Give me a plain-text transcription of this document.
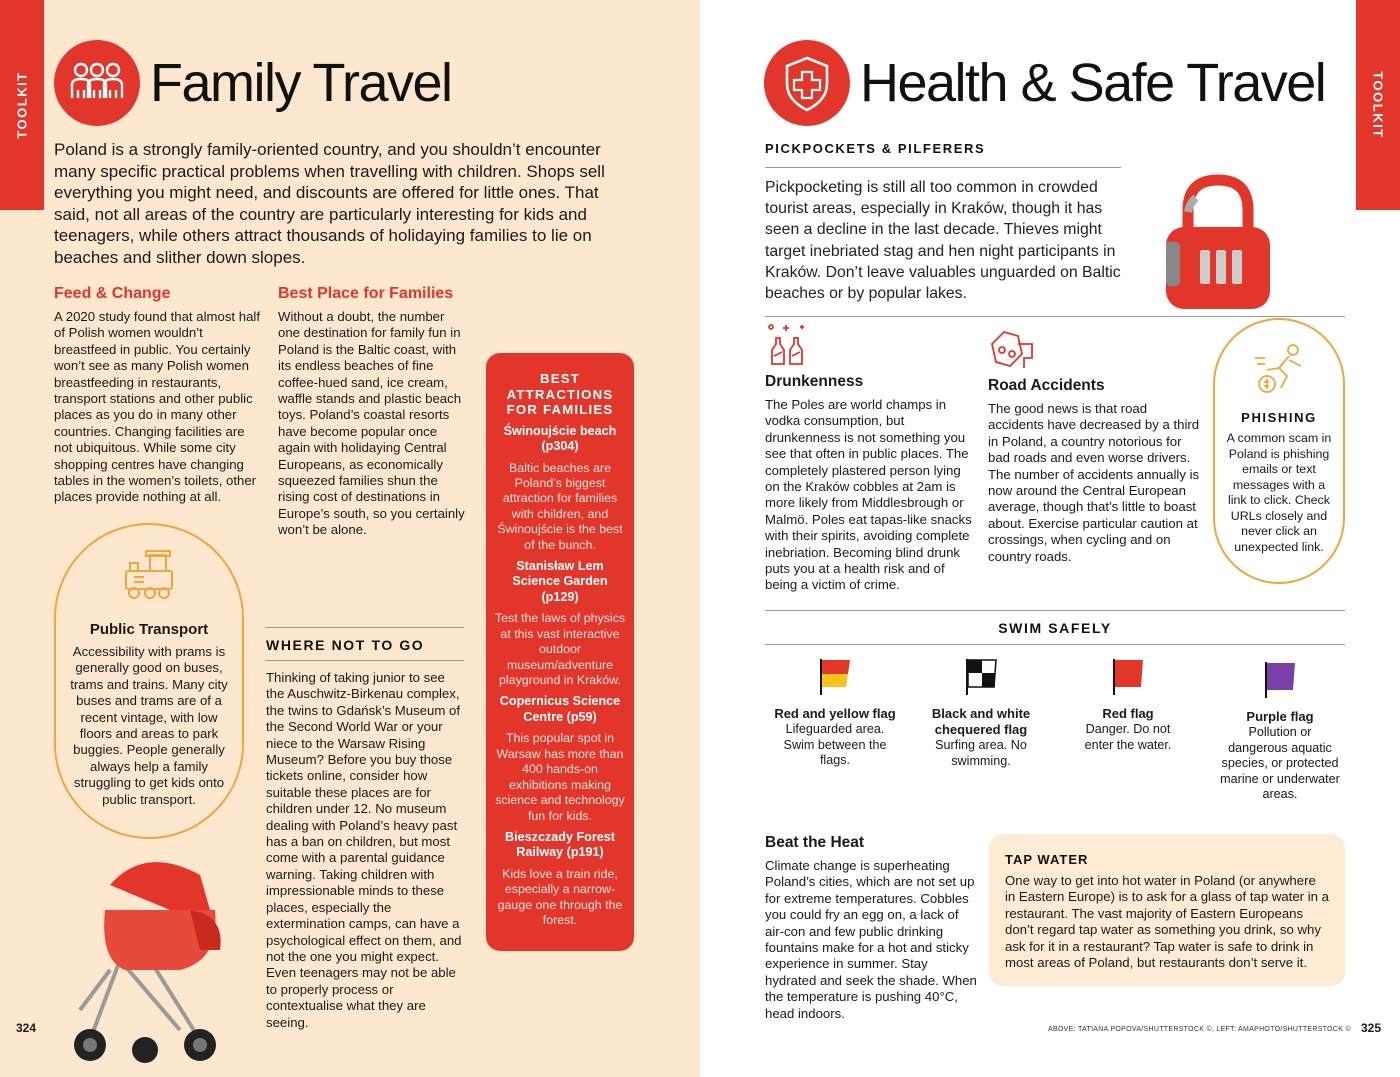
TOOLKIT Family Travel
Poland is a strongly family-oriented country, and you shouldn’t encounter many specific practical problems when travelling with children. Shops sell everything you might need, and discounts are offered for little ones. That said, not all areas of the country are particularly interesting for kids and teenagers, while others attract thousands of holidaying families to lie on beaches and slither down slopes.
Feed & Change
A 2020 study found that almost half of Polish women wouldn’t breastfeed in public. You certainly won’t see as many Polish women breastfeeding in restaurants, transport stations and other public places as you do in many other countries. Changing facilities are not ubiquitous. While some city shopping centres have changing tables in the women’s toilets, other places provide nothing at all.
Best Place for Families
Without a doubt, the number one destination for family fun in Poland is the Baltic coast, with its endless beaches of fine coffee-hued sand, ice cream, waffle stands and plastic beach toys. Poland’s coastal resorts have become popular once again with holidaying Central Europeans, as economically squeezed families shun the rising cost of destinations in Europe’s south, so you certainly won’t be alone.
BEST ATTRACTIONS FOR FAMILIES
Świnoujście beach (p304)
Baltic beaches are Poland’s biggest attraction for families with children, and Świnoujście is the best of the bunch.
Stanisław Lem Science Garden (p129)
Test the laws of physics at this vast interactive outdoor museum/adventure playground in Kraków.
Copernicus Science Centre (p59)
This popular spot in Warsaw has more than 400 hands-on exhibitions making science and technology fun for kids.
Bieszczady Forest Railway (p191)
Kids love a train ride, especially a narrow-gauge one through the forest.
Public Transport
Accessibility with prams is generally good on buses, trams and trains. Many city buses and trams are of a recent vintage, with low floors and areas to park buggies. People generally always help a family struggling to get kids onto public transport.
WHERE NOT TO GO
Thinking of taking junior to see the Auschwitz-Birkenau complex, the twins to Gdańsk’s Museum of the Second World War or your niece to the Warsaw Rising Museum? Before you buy those tickets online, consider how suitable these places are for children under 12. No museum dealing with Poland’s heavy past has a ban on children, but most come with a parental guidance warning. Taking children with impressionable minds to these places, especially the extermination camps, can have a psychological effect on them, and not the one you might expect. Even teenagers may not be able to properly process or contextualise what they are seeing.
324
TOOLKIT
Health & Safe Travel
PICKPOCKETS & PILFERERS
Pickpocketing is still all too common in crowded tourist areas, especially in Kraków, though it has seen a decline in the last decade. Thieves might target inebriated stag and hen night participants in Kraków. Don’t leave valuables unguarded on Baltic beaches or by popular lakes.
Drunkenness
The Poles are world champs in vodka consumption, but drunkenness is not something you see that often in public places. The completely plastered person lying on the Kraków cobbles at 2am is more likely from Middlesbrough or Malmö. Poles eat tapas-like snacks with their spirits, avoiding complete inebriation. Becoming blind drunk puts you at a health risk and of being a victim of crime.
Road Accidents
The good news is that road accidents have decreased by a third in Poland, a country notorious for bad roads and even worse drivers. The number of accidents annually is now around the Central European average, though that’s little to boast about. Exercise particular caution at crossings, when cycling and on country roads.
PHISHING
A common scam in Poland is phishing emails or text messages with a link to click. Check URLs closely and never click an unexpected link.
SWIM SAFELY
Red and yellow flag
Lifeguarded area. Swim between the flags.
Black and white chequered flag
Surfing area. No swimming.
Red flag
Danger. Do not enter the water.
Purple flag
Pollution or dangerous aquatic species, or protected marine or underwater areas.
Beat the Heat
Climate change is superheating Poland’s cities, which are not set up for extreme temperatures. Cobbles you could fry an egg on, a lack of air-con and few public drinking fountains make for a hot and sticky experience in summer. Stay hydrated and seek the shade. When the temperature is pushing 40°C, head indoors.
TAP WATER
One way to get into hot water in Poland (or anywhere in Eastern Europe) is to ask for a glass of tap water in a restaurant. The vast majority of Eastern Europeans don’t regard tap water as something you drink, so why ask for it in a restaurant? Tap water is safe to drink in most areas of Poland, but restaurants don’t serve it.
ABOVE: TATIANA POPOVA/SHUTTERSTOCK ©, LEFT: AMAPHOTO/SHUTTERSTOCK © 325
